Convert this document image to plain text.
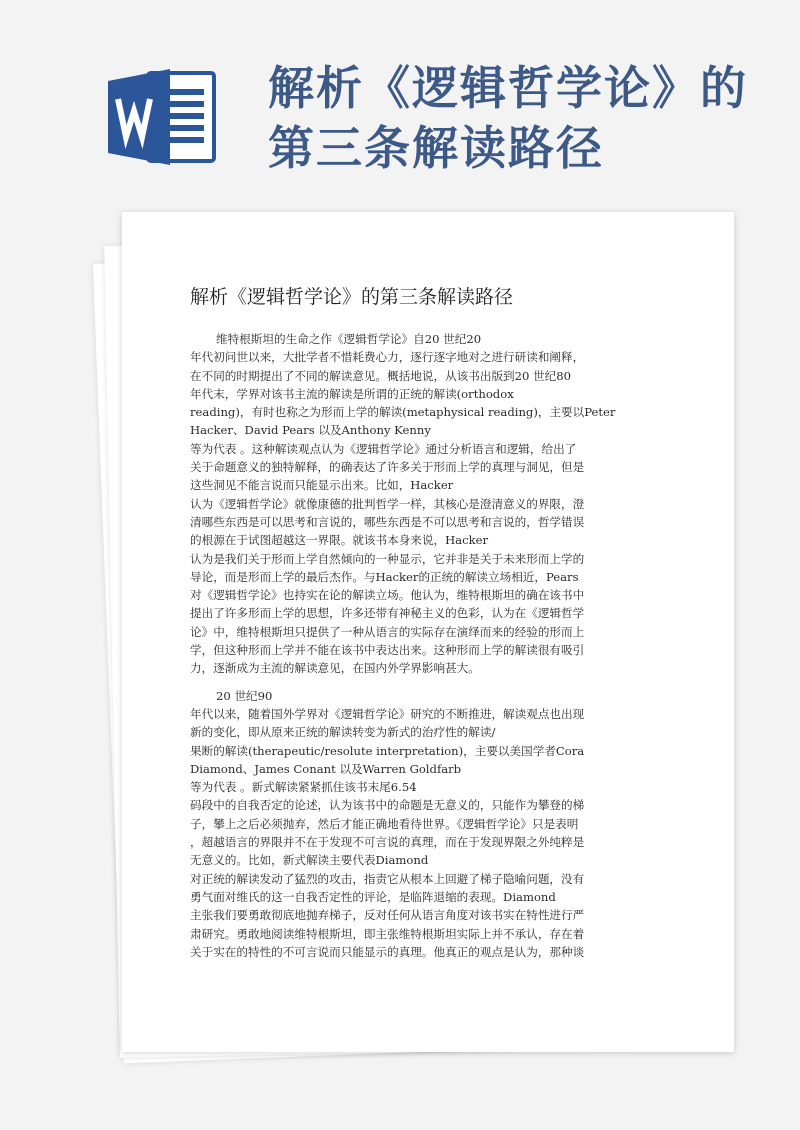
解析《逻辑哲学论》的
第三条解读路径
解析《逻辑哲学论》的第三条解读路径
维特根斯坦的生命之作《逻辑哲学论》自20 世纪20
年代初问世以来，大批学者不惜耗费心力，逐行逐字地对之进行研读和阐释，
在不同的时期提出了不同的解读意见。概括地说，从该书出版到20 世纪80
年代末，学界对该书主流的解读是所谓的正统的解读(orthodox
reading)，有时也称之为形而上学的解读(metaphysical reading)，主要以Peter
Hacker、David Pears 以及Anthony Kenny
等为代表 。这种解读观点认为《逻辑哲学论》通过分析语言和逻辑，给出了
关于命题意义的独特解释，的确表达了许多关于形而上学的真理与洞见，但是
这些洞见不能言说而只能显示出来。比如，Hacker
认为《逻辑哲学论》就像康德的批判哲学一样，其核心是澄清意义的界限，澄
清哪些东西是可以思考和言说的，哪些东西是不可以思考和言说的，哲学错误
的根源在于试图超越这一界限。就该书本身来说，Hacker
认为是我们关于形而上学自然倾向的一种显示，它并非是关于未来形而上学的
导论，而是形而上学的最后杰作。与Hacker的正统的解读立场相近，Pears
对《逻辑哲学论》也持实在论的解读立场。他认为，维特根斯坦的确在该书中
提出了许多形而上学的思想，许多还带有神秘主义的色彩，认为在《逻辑哲学
论》中，维特根斯坦只提供了一种从语言的实际存在演绎而来的经验的形而上
学，但这种形而上学并不能在该书中表达出来。这种形而上学的解读很有吸引
力，逐渐成为主流的解读意见，在国内外学界影响甚大。
20 世纪90
年代以来，随着国外学界对《逻辑哲学论》研究的不断推进，解读观点也出现
新的变化，即从原来正统的解读转变为新式的治疗性的解读/
果断的解读(therapeutic/resolute interpretation)，主要以美国学者Cora
Diamond、James Conant 以及Warren Goldfarb
等为代表 。新式解读紧紧抓住该书末尾6.54
码段中的自我否定的论述，认为该书中的命题是无意义的，只能作为攀登的梯
子，攀上之后必须抛弃，然后才能正确地看待世界。《逻辑哲学论》只是表明
，超越语言的界限并不在于发现不可言说的真理，而在于发现界限之外纯粹是
无意义的。比如，新式解读主要代表Diamond
对正统的解读发动了猛烈的攻击，指责它从根本上回避了梯子隐喻问题，没有
勇气面对维氏的这一自我否定性的评论，是临阵退缩的表现。Diamond
主张我们要勇敢彻底地抛弃梯子，反对任何从语言角度对该书实在特性进行严
肃研究。勇敢地阅读维特根斯坦，即主张维特根斯坦实际上并不承认，存在着
关于实在的特性的不可言说而只能显示的真理。他真正的观点是认为，那种谈
